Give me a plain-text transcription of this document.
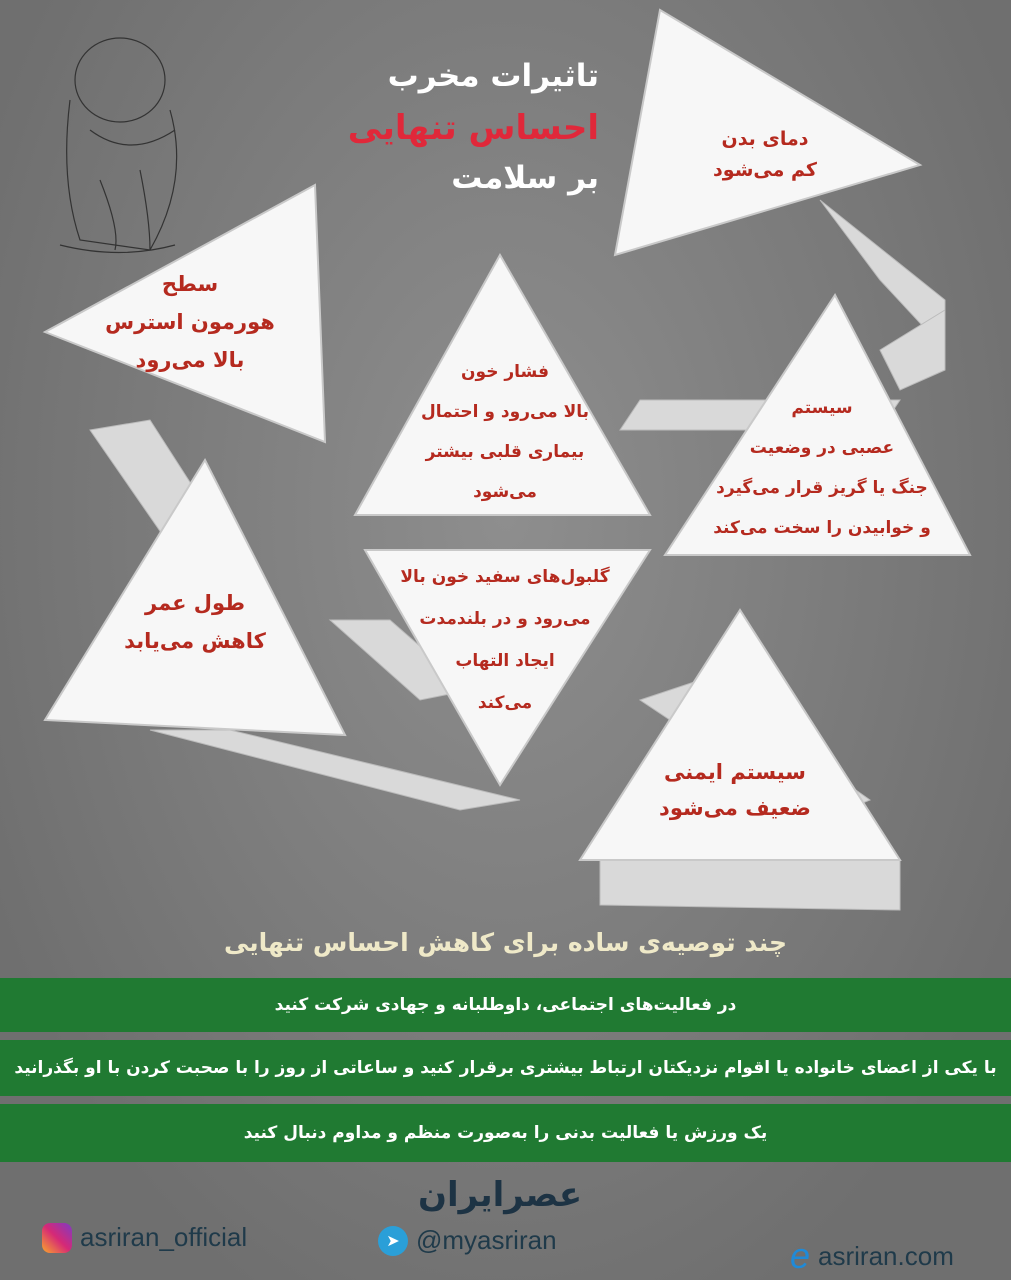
تاثیرات مخرب
احساس تنهایی
بر سلامت
دمای بدن
کم می‌شود
سطح
هورمون استرس
بالا می‌رود	فشار خون
بالا می‌رود و احتمال
بیماری قلبی بیشتر
می‌شود
سیستم
عصبی در وضعیت
جنگ یا گریز قرار می‌گیرد
و خوابیدن را سخت می‌کند
طول عمر
کاهش می‌یابد
گلبول‌های سفید خون بالا
می‌رود و در بلندمدت
ایجاد التهاب
می‌کند
سیستم ایمنی
ضعیف می‌شود
چند توصیه‌ی ساده برای کاهش احساس تنهایی
در فعالیت‌های اجتماعی، داوطلبانه و جهادی شرکت کنید
با یکی از اعضای خانواده یا اقوام نزدیکتان ارتباط بیشتری برقرار کنید و ساعاتی از روز را با صحبت کردن با او بگذرانید
یک ورزش یا فعالیت بدنی را به‌صورت منظم و مداوم دنبال کنید
عصرایران
asriran_official	➤ @myasriran	e asriran.com
